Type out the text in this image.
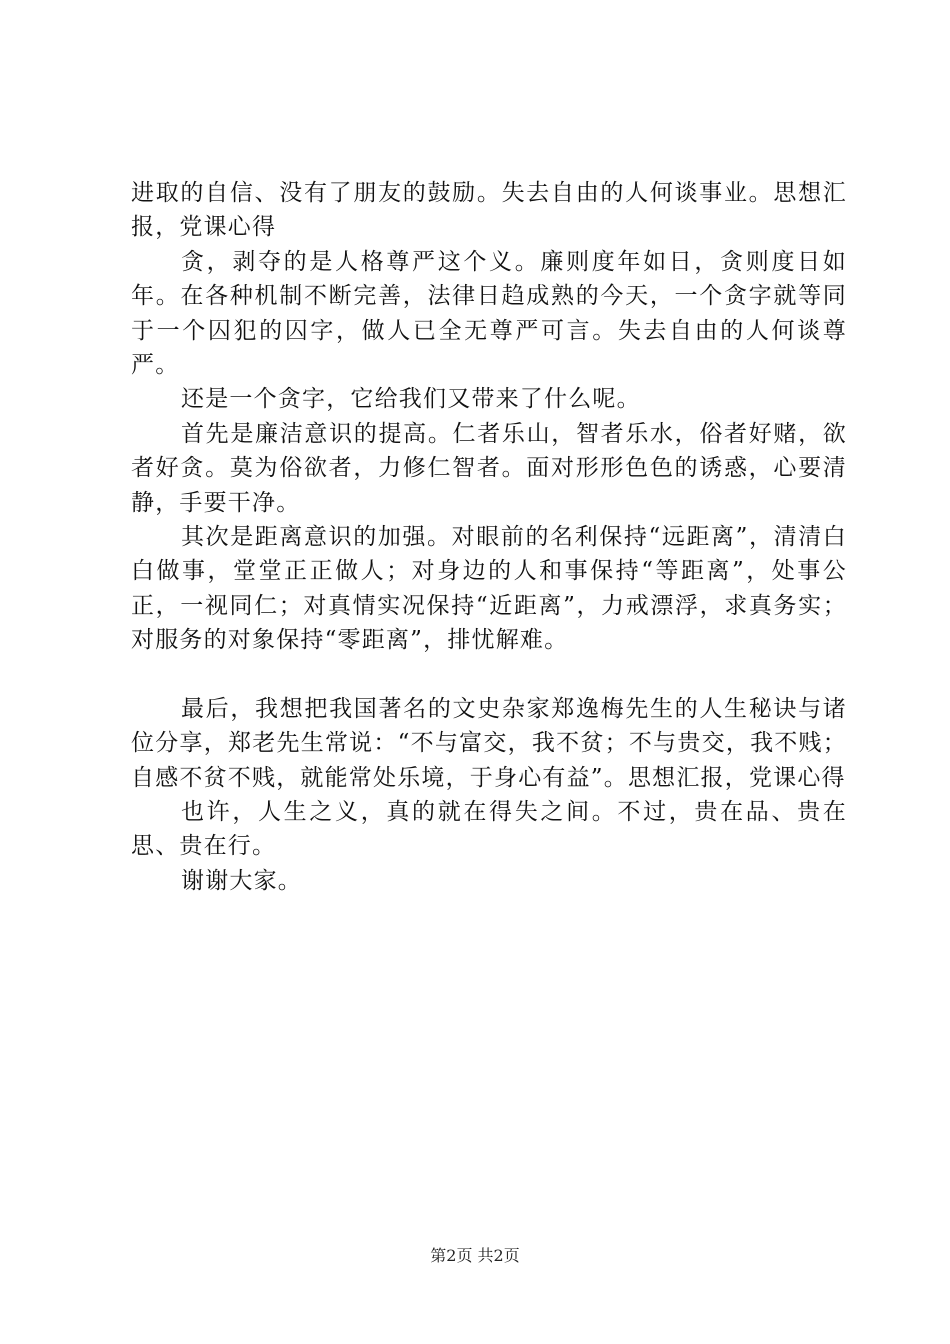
进取的自信、没有了朋友的鼓励。失去自由的人何谈事业。思想汇报，党课心得

贪，剥夺的是人格尊严这个义。廉则度年如日，贪则度日如年。在各种机制不断完善，法律日趋成熟的今天，一个贪字就等同于一个囚犯的囚字，做人已全无尊严可言。失去自由的人何谈尊严。

还是一个贪字，它给我们又带来了什么呢。

首先是廉洁意识的提高。仁者乐山，智者乐水，俗者好赌，欲者好贪。莫为俗欲者，力修仁智者。面对形形色色的诱惑，心要清静，手要干净。

其次是距离意识的加强。对眼前的名利保持“远距离”，清清白白做事，堂堂正正做人；对身边的人和事保持“等距离”，处事公正，一视同仁；对真情实况保持“近距离”，力戒漂浮，求真务实；对服务的对象保持“零距离”，排忧解难。

最后，我想把我国著名的文史杂家郑逸梅先生的人生秘诀与诸位分享，郑老先生常说：“不与富交，我不贫；不与贵交，我不贱；自感不贫不贱，就能常处乐境，于身心有益”。思想汇报，党课心得

也许，人生之义，真的就在得失之间。不过，贵在品、贵在思、贵在行。

谢谢大家。

第2页 共2页
